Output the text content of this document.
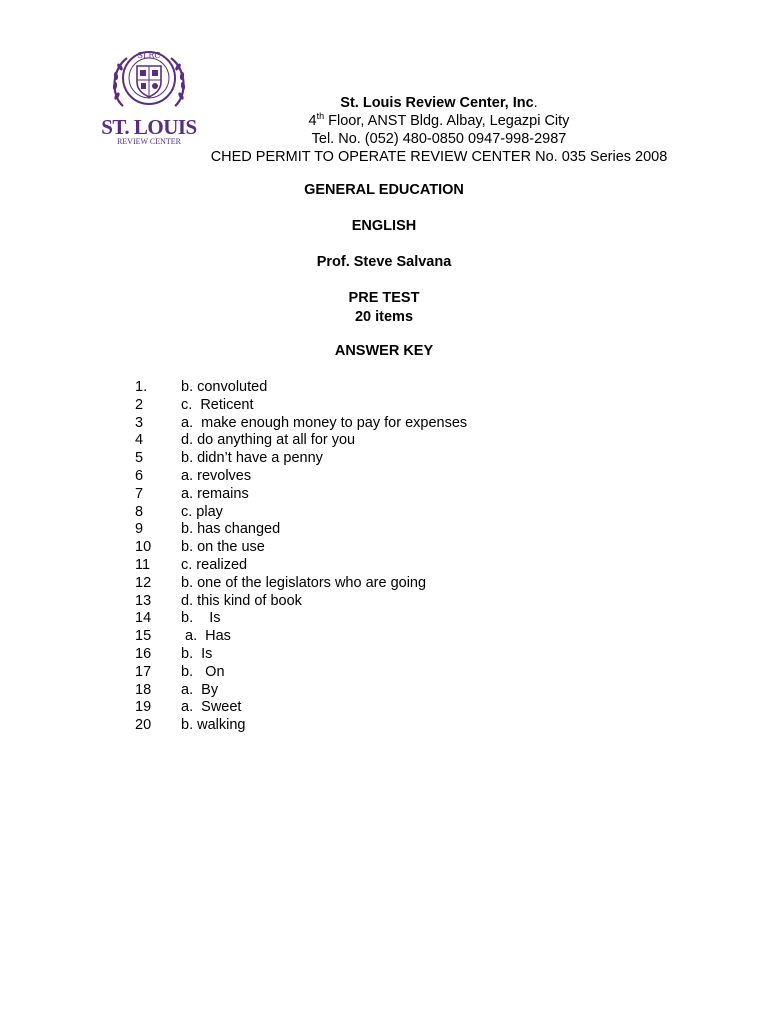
SLRC
ST. LOUIS
REVIEW CENTER
St. Louis Review Center, Inc.
4th Floor, ANST Bldg. Albay, Legazpi City
Tel. No. (052) 480-0850 0947-998-2987
CHED PERMIT TO OPERATE REVIEW CENTER No. 035 Series 2008
GENERAL EDUCATION
ENGLISH
Prof. Steve Salvana
PRE TEST
20 items
ANSWER KEY
1.	b. convoluted
2	c.  Reticent
3	a.  make enough money to pay for expenses
4	d. do anything at all for you
5	b. didn’t have a penny
6	a. revolves
7	a. remains
8	c. play
9	b. has changed
10	b. on the use
11	c. realized
12	b. one of the legislators who are going
13	d. this kind of book
14	b.    Is
15	a.  Has
16	b.  Is
17	b.   On
18	a.  By
19	a.  Sweet
20	b. walking
